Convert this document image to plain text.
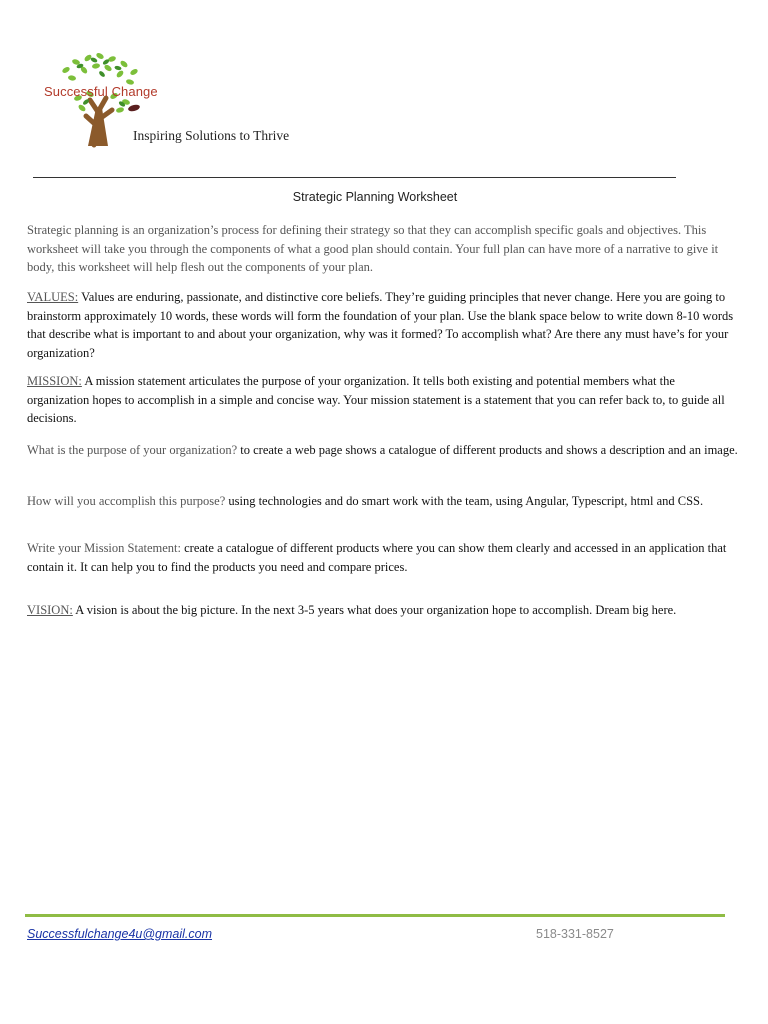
Successful Change
Inspiring Solutions to Thrive
Strategic Planning Worksheet

Strategic planning is an organization’s process for defining their strategy so that they can accomplish specific goals and objectives. This worksheet will take you through the components of what a good plan should contain. Your full plan can have more of a narrative to give it body, this worksheet will help flesh out the components of your plan.

VALUES: Values are enduring, passionate, and distinctive core beliefs. They’re guiding principles that never change. Here you are going to brainstorm approximately 10 words, these words will form the foundation of your plan. Use the blank space below to write down 8-10 words that describe what is important to and about your organization, why was it formed? To accomplish what? Are there any must have’s for your organization?

MISSION: A mission statement articulates the purpose of your organization. It tells both existing and potential members what the organization hopes to accomplish in a simple and concise way. Your mission statement is a statement that you can refer back to, to guide all decisions.

What is the purpose of your organization? to create a web page shows a catalogue of different products and shows a description and an image.

How will you accomplish this purpose? using technologies and do smart work with the team, using Angular, Typescript, html and CSS.

Write your Mission Statement: create a catalogue of different products where you can show them clearly and accessed in an application that contain it. It can help you to find the products you need and compare prices.

VISION: A vision is about the big picture. In the next 3-5 years what does your organization hope to accomplish. Dream big here.

Successfulchange4u@gmail.com	518-331-8527
